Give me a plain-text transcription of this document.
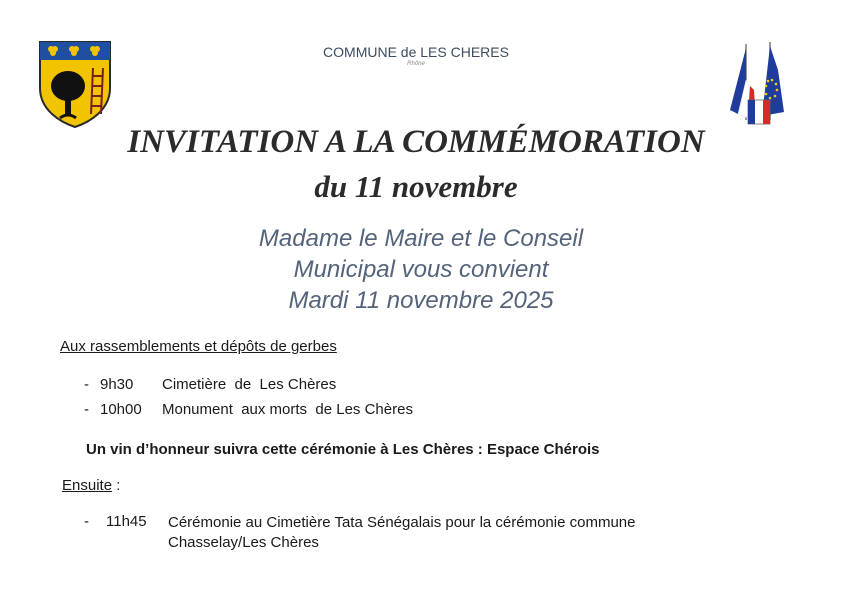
COMMUNE de LES CHERES
Rhône
INVITATION A LA COMMÉMORATION
du 11 novembre
Madame le Maire et le Conseil
Municipal vous convient
Mardi 11 novembre 2025
Aux rassemblements et dépôts de gerbes
- 9h30 Cimetière  de  Les Chères
- 10h00 Monument  aux morts  de Les Chères
Un vin d’honneur suivra cette cérémonie à Les Chères : Espace Chérois
Ensuite :
- 11h45 Cérémonie au Cimetière Tata Sénégalais pour la cérémonie commune
Chasselay/Les Chères
